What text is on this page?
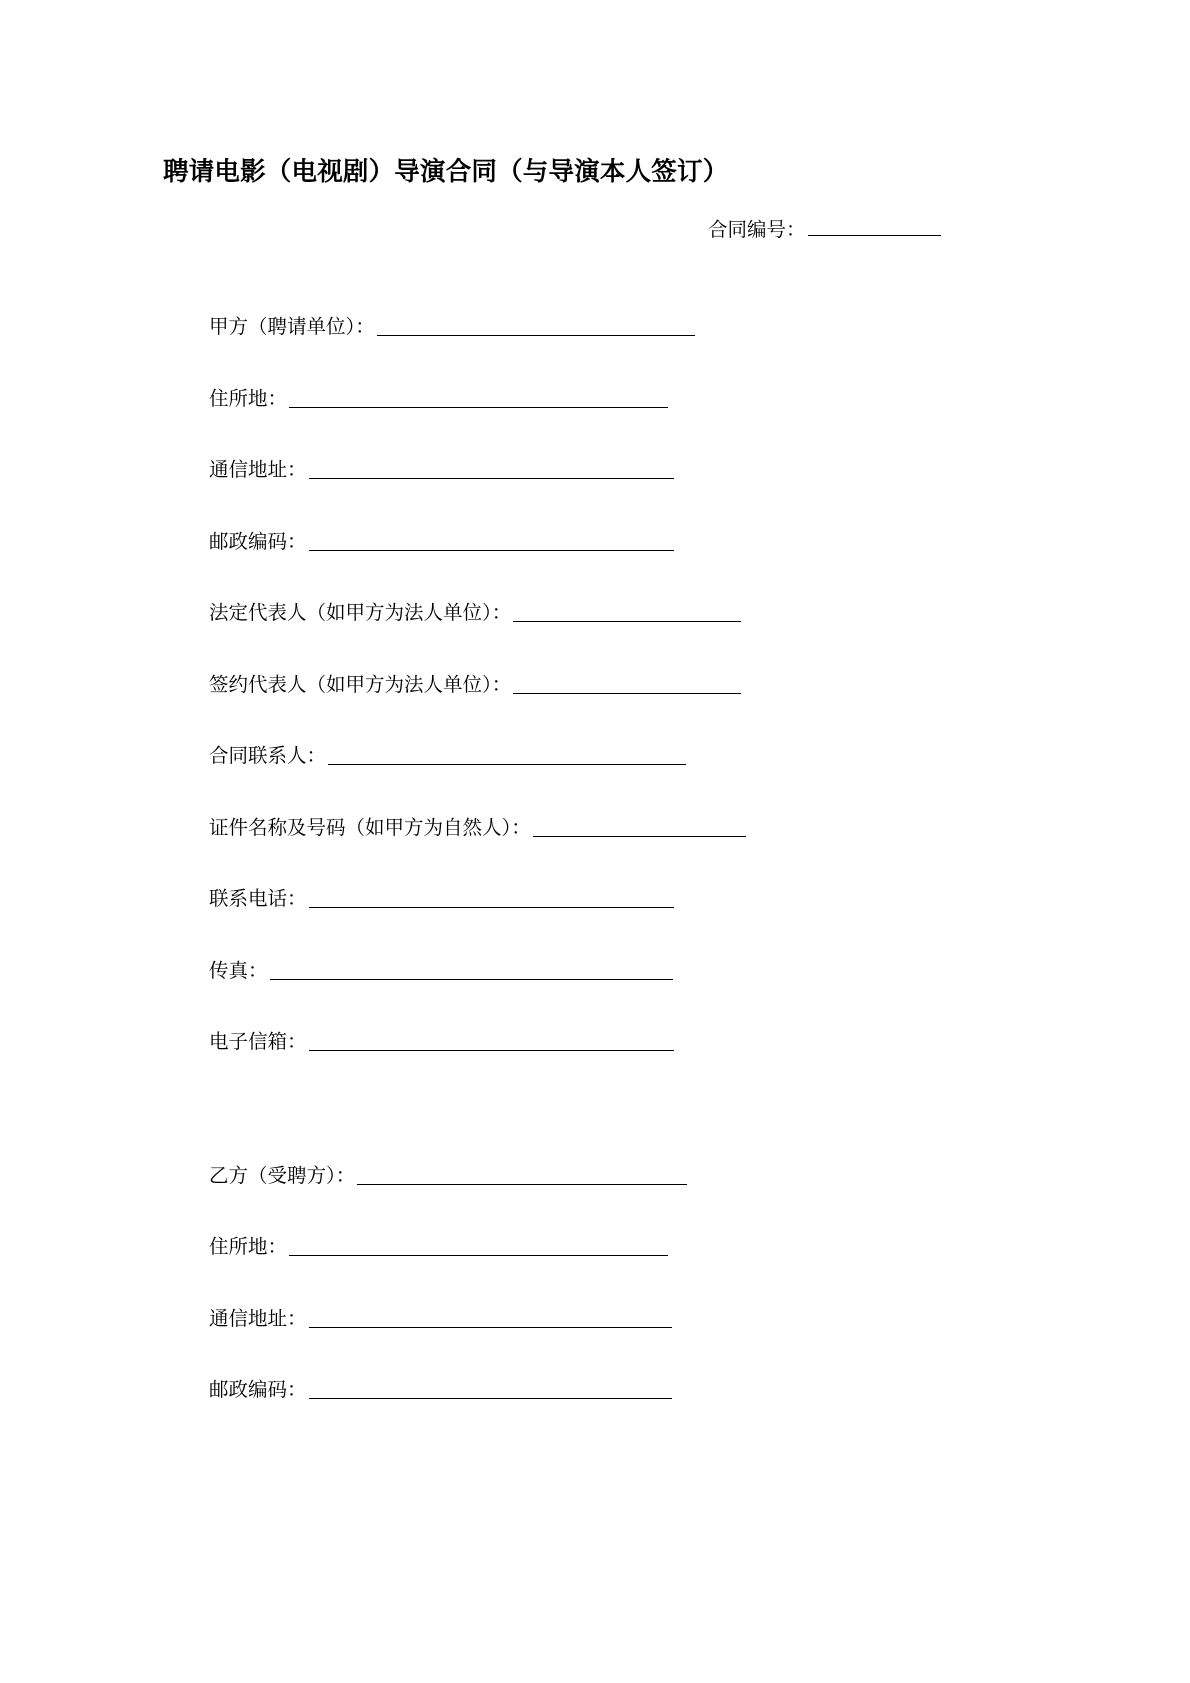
聘请电影（电视剧）导演合同（与导演本人签订）
合同编号：
甲方（聘请单位）：
住所地：
通信地址：
邮政编码：
法定代表人（如甲方为法人单位）：
签约代表人（如甲方为法人单位）：
合同联系人：
证件名称及号码（如甲方为自然人）：
联系电话：
传真：
电子信箱：
乙方（受聘方）：
住所地：
通信地址：
邮政编码：
